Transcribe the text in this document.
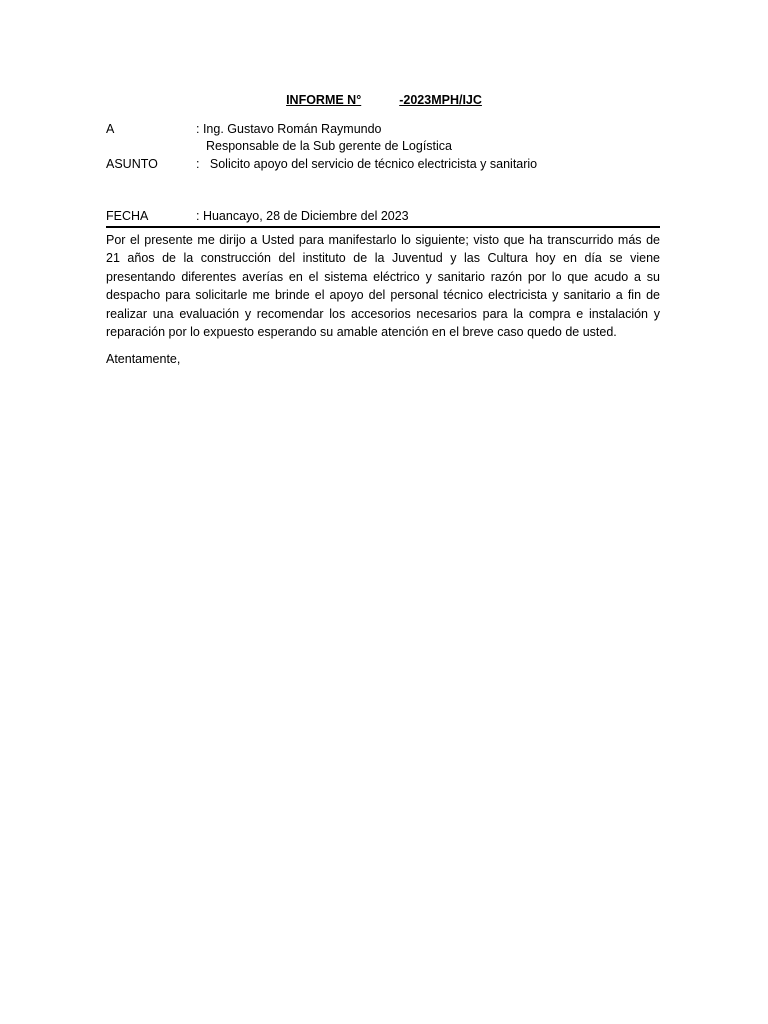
INFORME N°	-2023MPH/IJC
A	: Ing. Gustavo Román Raymundo
Responsable de la Sub gerente de Logística
ASUNTO	:   Solicito apoyo del servicio de técnico electricista y sanitario
FECHA	: Huancayo, 28 de Diciembre del 2023
Por el presente me dirijo a Usted para manifestarlo lo siguiente; visto que ha transcurrido más de 21 años de la construcción del instituto de la Juventud y las Cultura hoy en día se viene presentando diferentes averías en el sistema eléctrico y sanitario razón por lo que acudo a su despacho para solicitarle me brinde el apoyo del personal técnico electricista y sanitario a fin de realizar una evaluación y recomendar los accesorios necesarios para la compra e instalación y reparación por lo expuesto esperando su amable atención en el breve caso quedo de usted.
Atentamente,
